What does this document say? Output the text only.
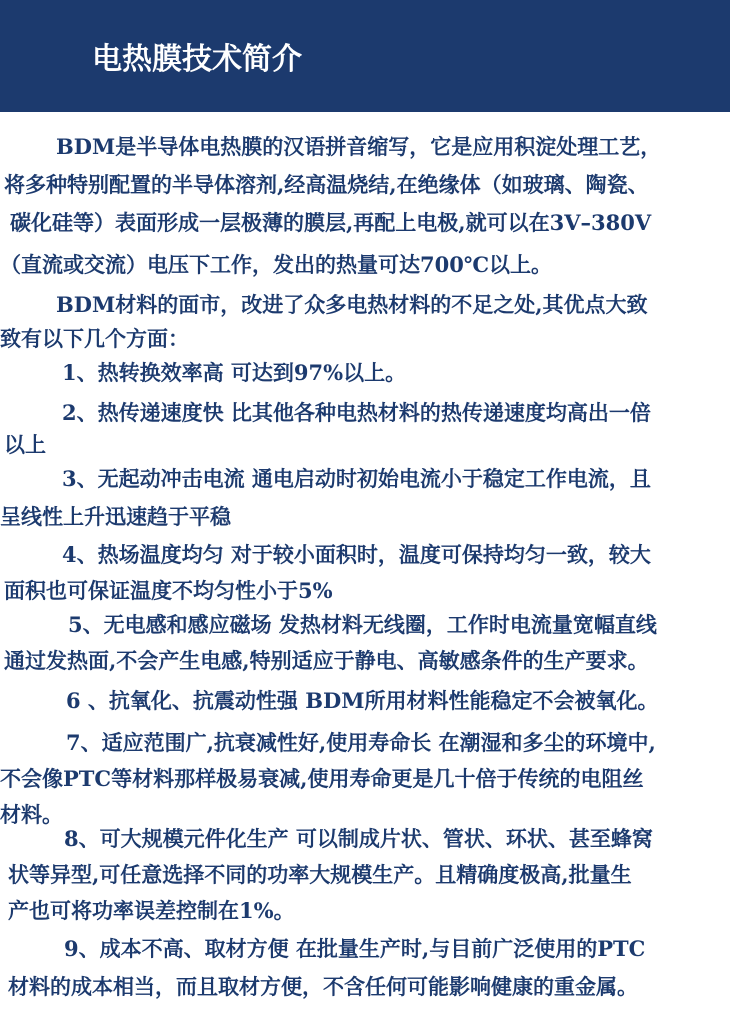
电热膜技术简介
BDM是半导体电热膜的汉语拼音缩写，它是应用积淀处理工艺，
将多种特别配置的半导体溶剂,经高温烧结,在绝缘体（如玻璃、陶瓷、
碳化硅等）表面形成一层极薄的膜层,再配上电极,就可以在3V–380V
（直流或交流）电压下工作，发出的热量可达700℃以上。
BDM材料的面市，改进了众多电热材料的不足之处,其优点大致
致有以下几个方面：
1、热转换效率高 可达到97%以上。
2、热传递速度快 比其他各种电热材料的热传递速度均高出一倍
以上
3、无起动冲击电流 通电启动时初始电流小于稳定工作电流，且
呈线性上升迅速趋于平稳
4、热场温度均匀 对于较小面积时，温度可保持均匀一致，较大
面积也可保证温度不均匀性小于5%
5、无电感和感应磁场 发热材料无线圈，工作时电流量宽幅直线
通过发热面,不会产生电感,特别适应于静电、高敏感条件的生产要求。
6 、抗氧化、抗震动性强 BDM所用材料性能稳定不会被氧化。
7、适应范围广,抗衰减性好,使用寿命长 在潮湿和多尘的环境中,
不会像PTC等材料那样极易衰减,使用寿命更是几十倍于传统的电阻丝
材料。
8、可大规模元件化生产 可以制成片状、管状、环状、甚至蜂窝
状等异型,可任意选择不同的功率大规模生产。且精确度极高,批量生
产也可将功率误差控制在1%。
9、成本不高、取材方便 在批量生产时,与目前广泛使用的PTC
材料的成本相当，而且取材方便，不含任何可能影响健康的重金属。
